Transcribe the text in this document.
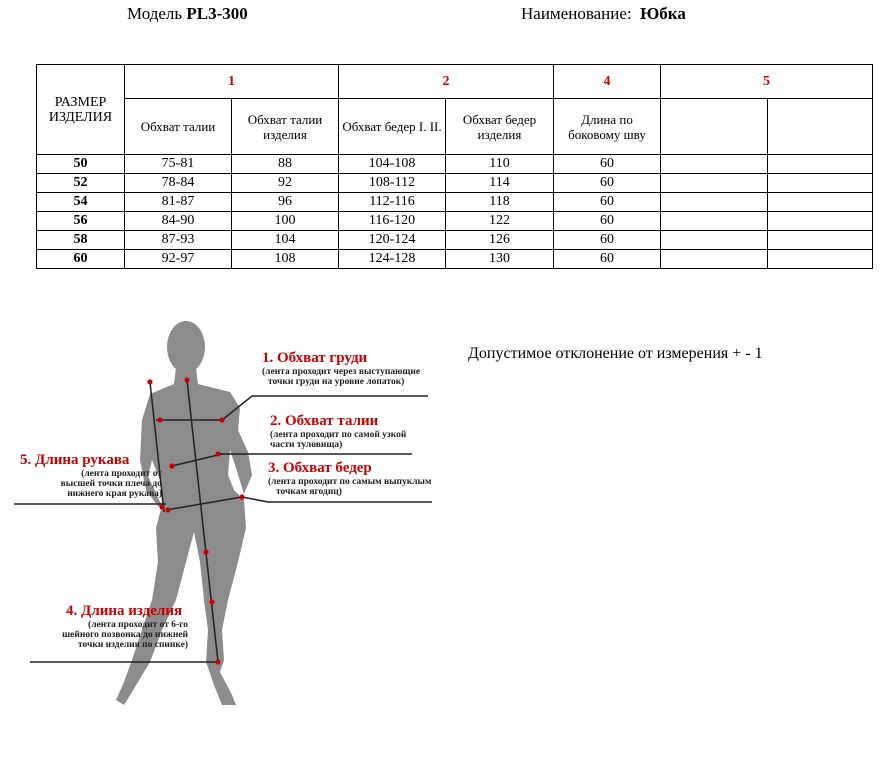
Модель PL3-300	Наименование: Юбка
РАЗМЕР ИЗДЕЛИЯ	1		2		4	5	
	Обхват талии	Обхват талии изделия	Обхват бедер I. II.	Обхват бедер изделия	Длина по боковому шву		
50	75-81	88	104-108	110	60		
52	78-84	92	108-112	114	60		
54	81-87	96	112-116	118	60		
56	84-90	100	116-120	122	60		
58	87-93	104	120-124	126	60		
60	92-97	108	124-128	130	60		
Допустимое отклонение от измерения + - 1
1. Обхват груди
(лента проходит через выступающие
точки груди на уровне лопаток)
2. Обхват талии
(лента проходит по самой узкой
части туловища)
3. Обхват бедер
(лента проходит по самым выпуклым
точкам ягодиц)
5. Длина рукава
(лента проходит от
высшей точки плеча до
нижнего края рукава)
4. Длина изделия
(лента проходит от 6-го
шейного позвонка до нижней
точки изделия по спинке)
